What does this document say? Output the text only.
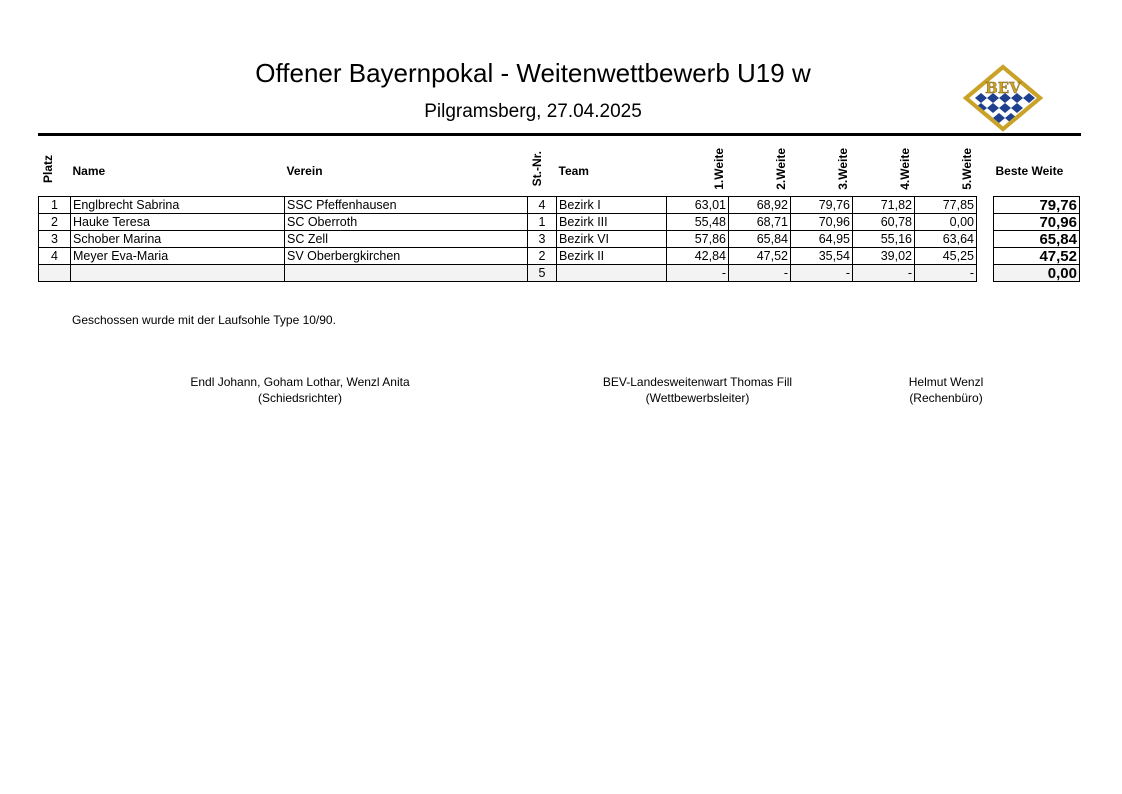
Offener Bayernpokal - Weitenwettbewerb U19 w
Pilgramsberg, 27.04.2025
BEV
Platz	Name	Verein	St.-Nr.	Team	1.Weite	2.Weite	3.Weite	4.Weite	5.Weite		Beste Weite
1	Englbrecht Sabrina	SSC Pfeffenhausen	4	Bezirk I	63,01	68,92	79,76	71,82	77,85		79,76
2	Hauke Teresa	SC Oberroth	1	Bezirk III	55,48	68,71	70,96	60,78	0,00		70,96
3	Schober Marina	SC Zell	3	Bezirk VI	57,86	65,84	64,95	55,16	63,64		65,84
4	Meyer Eva-Maria	SV Oberbergkirchen	2	Bezirk II	42,84	47,52	35,54	39,02	45,25		47,52
			5		-	-	-	-	-		0,00
Geschossen wurde mit der Laufsohle Type 10/90.
Endl Johann, Goham Lothar, Wenzl Anita
(Schiedsrichter)
BEV-Landesweitenwart Thomas Fill
(Wettbewerbsleiter)
Helmut Wenzl
(Rechenbüro)
